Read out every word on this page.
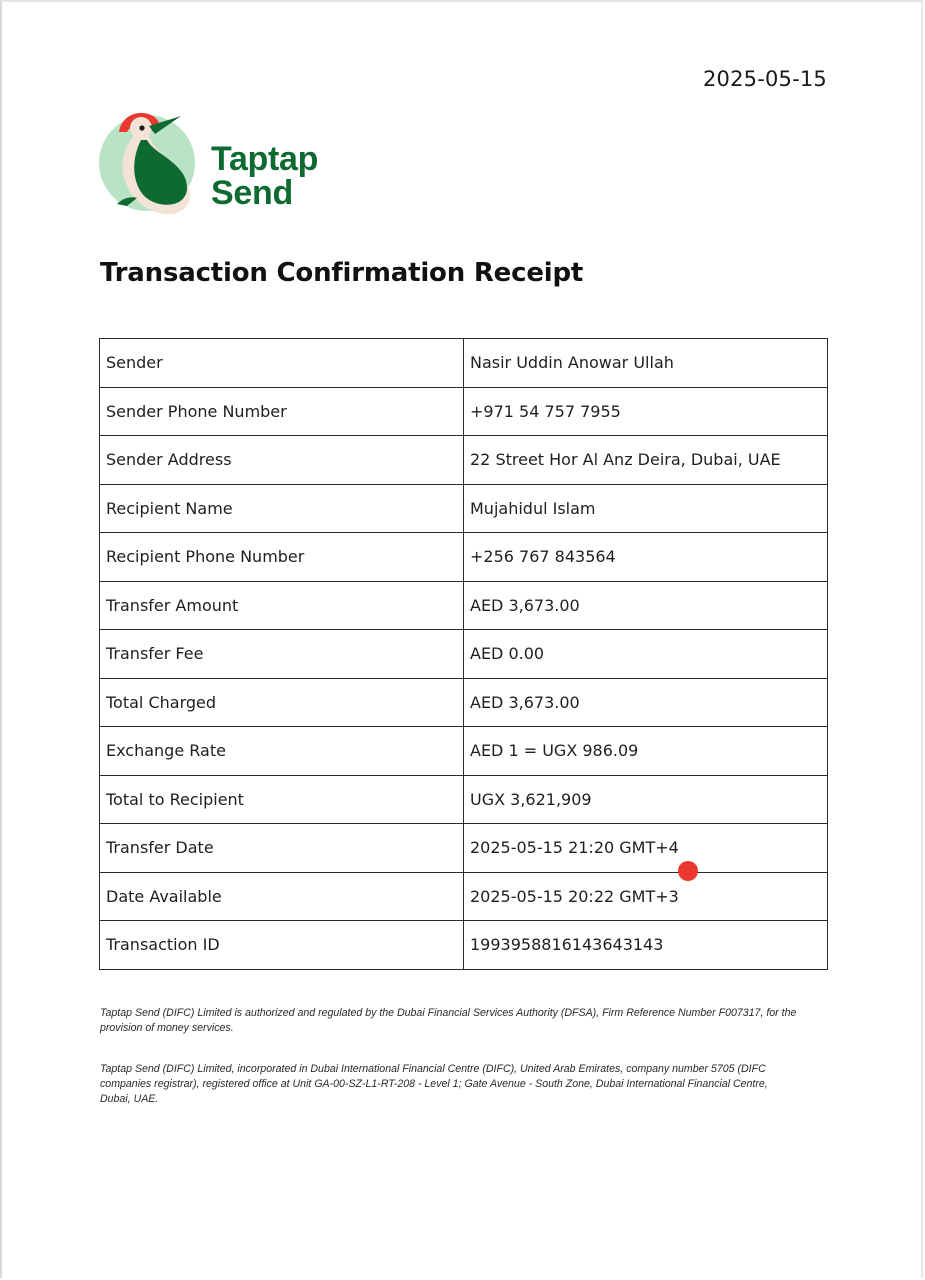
2025-05-15
Taptap
Send
Transaction Confirmation Receipt
Sender	Nasir Uddin Anowar Ullah
Sender Phone Number	+971 54 757 7955
Sender Address	22 Street Hor Al Anz Deira, Dubai, UAE
Recipient Name	Mujahidul Islam
Recipient Phone Number	+256 767 843564
Transfer Amount	AED 3,673.00
Transfer Fee	AED 0.00
Total Charged	AED 3,673.00
Exchange Rate	AED 1 = UGX 986.09
Total to Recipient	UGX 3,621,909
Transfer Date	2025-05-15 21:20 GMT+4
Date Available	2025-05-15 20:22 GMT+3
Transaction ID	1993958816143643143
Taptap Send (DIFC) Limited is authorized and regulated by the Dubai Financial Services Authority (DFSA), Firm Reference Number F007317, for the provision of money services.
Taptap Send (DIFC) Limited, incorporated in Dubai International Financial Centre (DIFC), United Arab Emirates, company number 5705 (DIFC companies registrar), registered office at Unit GA-00-SZ-L1-RT-208 - Level 1; Gate Avenue - South Zone, Dubai International Financial Centre, Dubai, UAE.
